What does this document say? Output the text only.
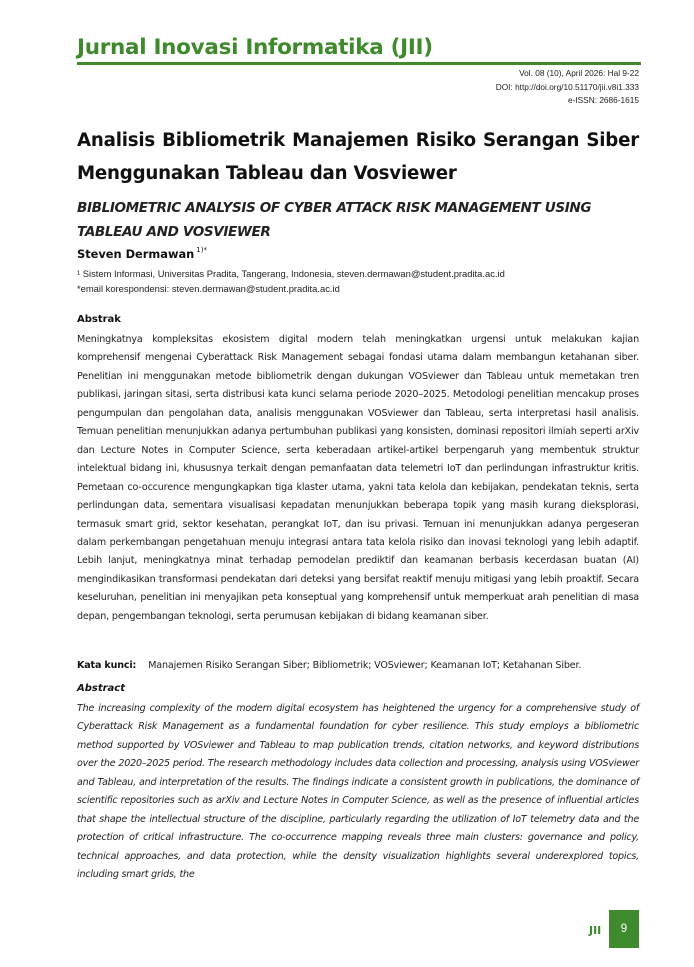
Jurnal Inovasi Informatika (JII)
Vol. 08 (10), April 2026: Hal 9-22
DOI: http://doi.org/10.51170/jii.v8i1.333
e-ISSN: 2686-1615
Analisis Bibliometrik Manajemen Risiko Serangan Siber Menggunakan Tableau dan Vosviewer
BIBLIOMETRIC ANALYSIS OF CYBER ATTACK RISK MANAGEMENT USING TABLEAU AND VOSVIEWER
Steven Dermawan $^{1)*}$
¹ Sistem Informasi, Universitas Pradita, Tangerang, Indonesia, steven.dermawan@student.pradita.ac.id
*email korespondensi: steven.dermawan@student.pradita.ac.id
Abstrak

Meningkatnya kompleksitas ekosistem digital modern telah meningkatkan urgensi untuk melakukan kajian komprehensif mengenai Cyberattack Risk Management sebagai fondasi utama dalam membangun ketahanan siber. Penelitian ini menggunakan metode bibliometrik dengan dukungan VOSviewer dan Tableau untuk memetakan tren publikasi, jaringan sitasi, serta distribusi kata kunci selama periode 2020–2025. Metodologi penelitian mencakup proses pengumpulan dan pengolahan data, analisis menggunakan VOSviewer dan Tableau, serta interpretasi hasil analisis. Temuan penelitian menunjukkan adanya pertumbuhan publikasi yang konsisten, dominasi repositori ilmiah seperti arXiv dan Lecture Notes in Computer Science, serta keberadaan artikel-artikel berpengaruh yang membentuk struktur intelektual bidang ini, khususnya terkait dengan pemanfaatan data telemetri IoT dan perlindungan infrastruktur kritis. Pemetaan co-occurence mengungkapkan tiga klaster utama, yakni tata kelola dan kebijakan, pendekatan teknis, serta perlindungan data, sementara visualisasi kepadatan menunjukkan beberapa topik yang masih kurang dieksplorasi, termasuk smart grid, sektor kesehatan, perangkat IoT, dan isu privasi. Temuan ini menunjukkan adanya pergeseran dalam perkembangan pengetahuan menuju integrasi antara tata kelola risiko dan inovasi teknologi yang lebih adaptif. Lebih lanjut, meningkatnya minat terhadap pemodelan prediktif dan keamanan berbasis kecerdasan buatan (AI) mengindikasikan transformasi pendekatan dari deteksi yang bersifat reaktif menuju mitigasi yang lebih proaktif. Secara keseluruhan, penelitian ini menyajikan peta konseptual yang komprehensif untuk memperkuat arah penelitian di masa depan, pengembangan teknologi, serta perumusan kebijakan di bidang keamanan siber.

Kata kunci: Manajemen Risiko Serangan Siber; Bibliometrik; VOSviewer; Keamanan IoT; Ketahanan Siber.
Abstract

The increasing complexity of the modern digital ecosystem has heightened the urgency for a comprehensive study of Cyberattack Risk Management as a fundamental foundation for cyber resilience. This study employs a bibliometric method supported by VOSviewer and Tableau to map publication trends, citation networks, and keyword distributions over the 2020–2025 period. The research methodology includes data collection and processing, analysis using VOSviewer and Tableau, and interpretation of the results. The findings indicate a consistent growth in publications, the dominance of scientific repositories such as arXiv and Lecture Notes in Computer Science, as well as the presence of influential articles that shape the intellectual structure of the discipline, particularly regarding the utilization of IoT telemetry data and the protection of critical infrastructure. The co-occurrence mapping reveals three main clusters: governance and policy, technical approaches, and data protection, while the density visualization highlights several underexplored topics, including smart grids, the

JII 9
